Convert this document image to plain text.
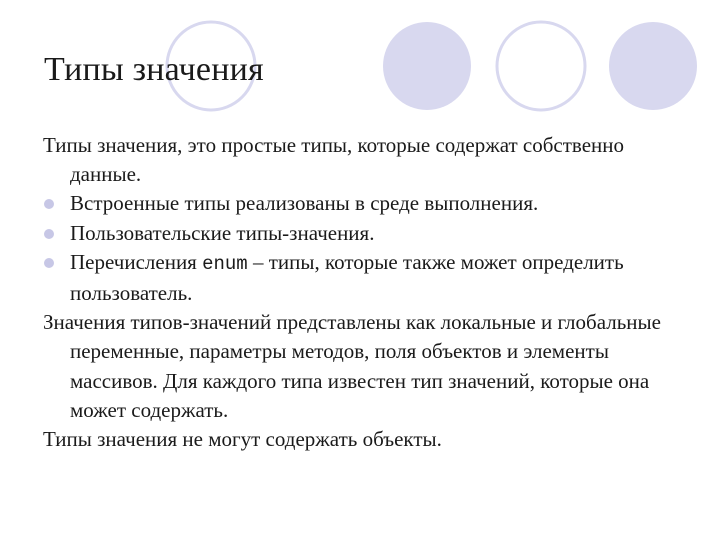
Типы значения

Типы значения, это простые типы, которые содержат собственно данные.

Встроенные типы реализованы в среде выполнения.

Пользовательские типы-значения.

Перечисления enum – типы, которые также может определить пользователь.

Значения типов-значений представлены как локальные и глобальные переменные, параметры методов, поля объектов и элементы массивов. Для каждого типа известен тип значений, которые она может содержать.

Типы значения не могут содержать объекты.
